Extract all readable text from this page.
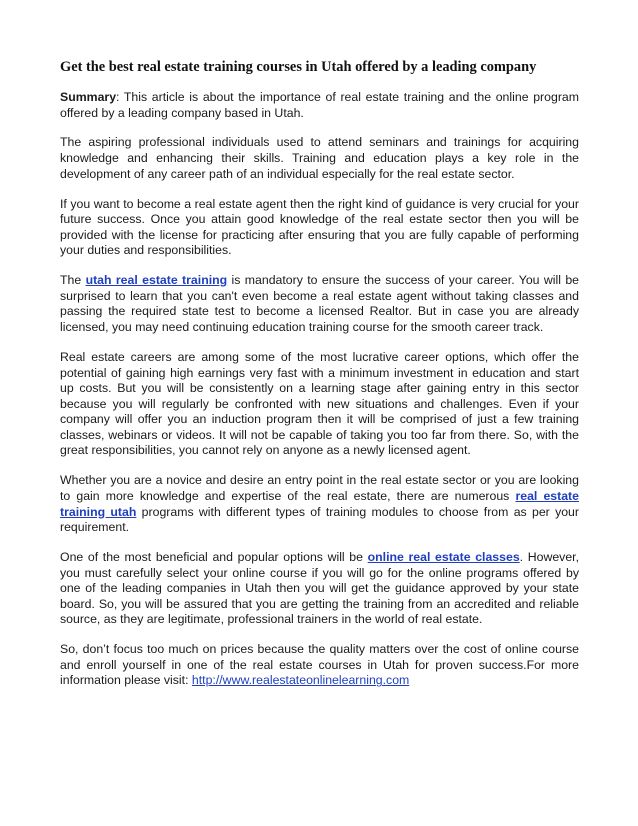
Get the best real estate training courses in Utah offered by a leading company

Summary: This article is about the importance of real estate training and the online program offered by a leading company based in Utah.

The aspiring professional individuals used to attend seminars and trainings for acquiring knowledge and enhancing their skills. Training and education plays a key role in the development of any career path of an individual especially for the real estate sector.

If you want to become a real estate agent then the right kind of guidance is very crucial for your future success. Once you attain good knowledge of the real estate sector then you will be provided with the license for practicing after ensuring that you are fully capable of performing your duties and responsibilities.

The utah real estate training is mandatory to ensure the success of your career. You will be surprised to learn that you can't even become a real estate agent without taking classes and passing the required state test to become a licensed Realtor. But in case you are already licensed, you may need continuing education training course for the smooth career track.

Real estate careers are among some of the most lucrative career options, which offer the potential of gaining high earnings very fast with a minimum investment in education and start up costs. But you will be consistently on a learning stage after gaining entry in this sector because you will regularly be confronted with new situations and challenges. Even if your company will offer you an induction program then it will be comprised of just a few training classes, webinars or videos. It will not be capable of taking you too far from there. So, with the great responsibilities, you cannot rely on anyone as a newly licensed agent.

Whether you are a novice and desire an entry point in the real estate sector or you are looking to gain more knowledge and expertise of the real estate, there are numerous real estate training utah programs with different types of training modules to choose from as per your requirement.

One of the most beneficial and popular options will be online real estate classes. However, you must carefully select your online course if you will go for the online programs offered by one of the leading companies in Utah then you will get the guidance approved by your state board. So, you will be assured that you are getting the training from an accredited and reliable source, as they are legitimate, professional trainers in the world of real estate.

So, don’t focus too much on prices because the quality matters over the cost of online course and enroll yourself in one of the real estate courses in Utah for proven success.For more information please visit: http://www.realestateonlinelearning.com
